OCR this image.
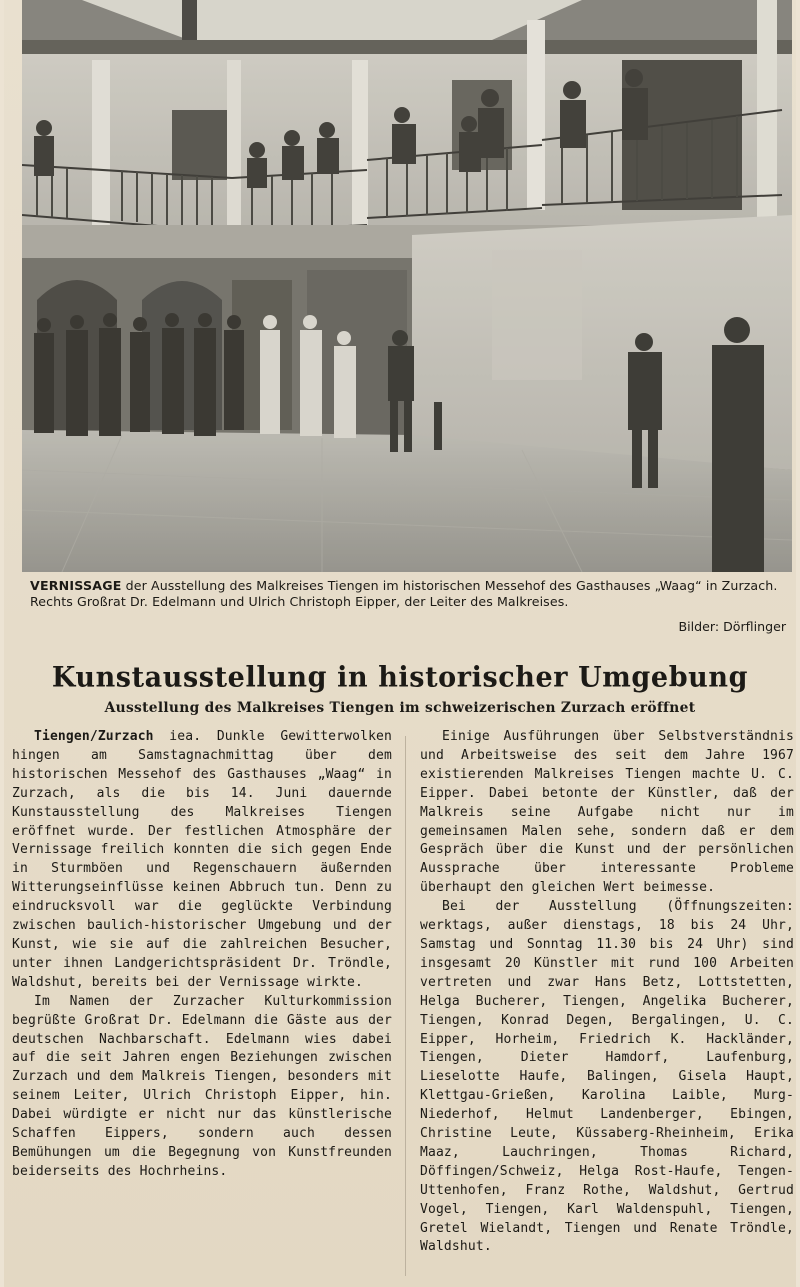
VERNISSAGE der Ausstellung des Malkreises Tiengen im historischen Messehof des Gasthauses „Waag“ in Zurzach. Rechts Großrat Dr. Edelmann und Ulrich Christoph Eipper, der Leiter des Malkreises.
Bilder: Dörflinger
Kunstausstellung in historischer Umgebung
Ausstellung des Malkreises Tiengen im schweizerischen Zurzach eröffnet

Tiengen/Zurzach iea. Dunkle Gewitterwolken hingen am Samstagnachmittag über dem historischen Messehof des Gasthauses „Waag“ in Zurzach, als die bis 14. Juni dauernde Kunstausstellung des Malkreises Tiengen eröffnet wurde. Der festlichen Atmosphäre der Vernissage freilich konnten die sich gegen Ende in Sturmböen und Regenschauern äußernden Witterungseinflüsse keinen Abbruch tun. Denn zu eindrucksvoll war die geglückte Verbindung zwischen baulich-historischer Umgebung und der Kunst, wie sie auf die zahlreichen Besucher, unter ihnen Landgerichtspräsident Dr. Tröndle, Waldshut, bereits bei der Vernissage wirkte.

Im Namen der Zurzacher Kulturkommission begrüßte Großrat Dr. Edelmann die Gäste aus der deutschen Nachbarschaft. Edelmann wies dabei auf die seit Jahren engen Beziehungen zwischen Zurzach und dem Malkreis Tiengen, besonders mit seinem Leiter, Ulrich Christoph Eipper, hin. Dabei würdigte er nicht nur das künstlerische Schaffen Eippers, sondern auch dessen Bemühungen um die Begegnung von Kunstfreunden beiderseits des Hochrheins.

Einige Ausführungen über Selbstverständnis und Arbeitsweise des seit dem Jahre 1967 existierenden Malkreises Tiengen machte U. C. Eipper. Dabei betonte der Künstler, daß der Malkreis seine Aufgabe nicht nur im gemeinsamen Malen sehe, sondern daß er dem Gespräch über die Kunst und der persönlichen Aussprache über interessante Probleme überhaupt den gleichen Wert beimesse.

Bei der Ausstellung (Öffnungszeiten: werktags, außer dienstags, 18 bis 24 Uhr, Samstag und Sonntag 11.30 bis 24 Uhr) sind insgesamt 20 Künstler mit rund 100 Arbeiten vertreten und zwar Hans Betz, Lottstetten, Helga Bucherer, Tiengen, Angelika Bucherer, Tiengen, Konrad Degen, Bergalingen, U. C. Eipper, Horheim, Friedrich K. Hackländer, Tiengen, Dieter Hamdorf, Laufenburg, Lieselotte Haufe, Balingen, Gisela Haupt, Klettgau-Grießen, Karolina Laible, Murg-Niederhof, Helmut Landenberger, Ebingen, Christine Leute, Küssaberg-Rheinheim, Erika Maaz, Lauchringen, Thomas Richard, Döffingen/Schweiz, Helga Rost-Haufe, Tengen-Uttenhofen, Franz Rothe, Waldshut, Gertrud Vogel, Tiengen, Karl Waldenspuhl, Tiengen, Gretel Wielandt, Tiengen und Renate Tröndle, Waldshut.
